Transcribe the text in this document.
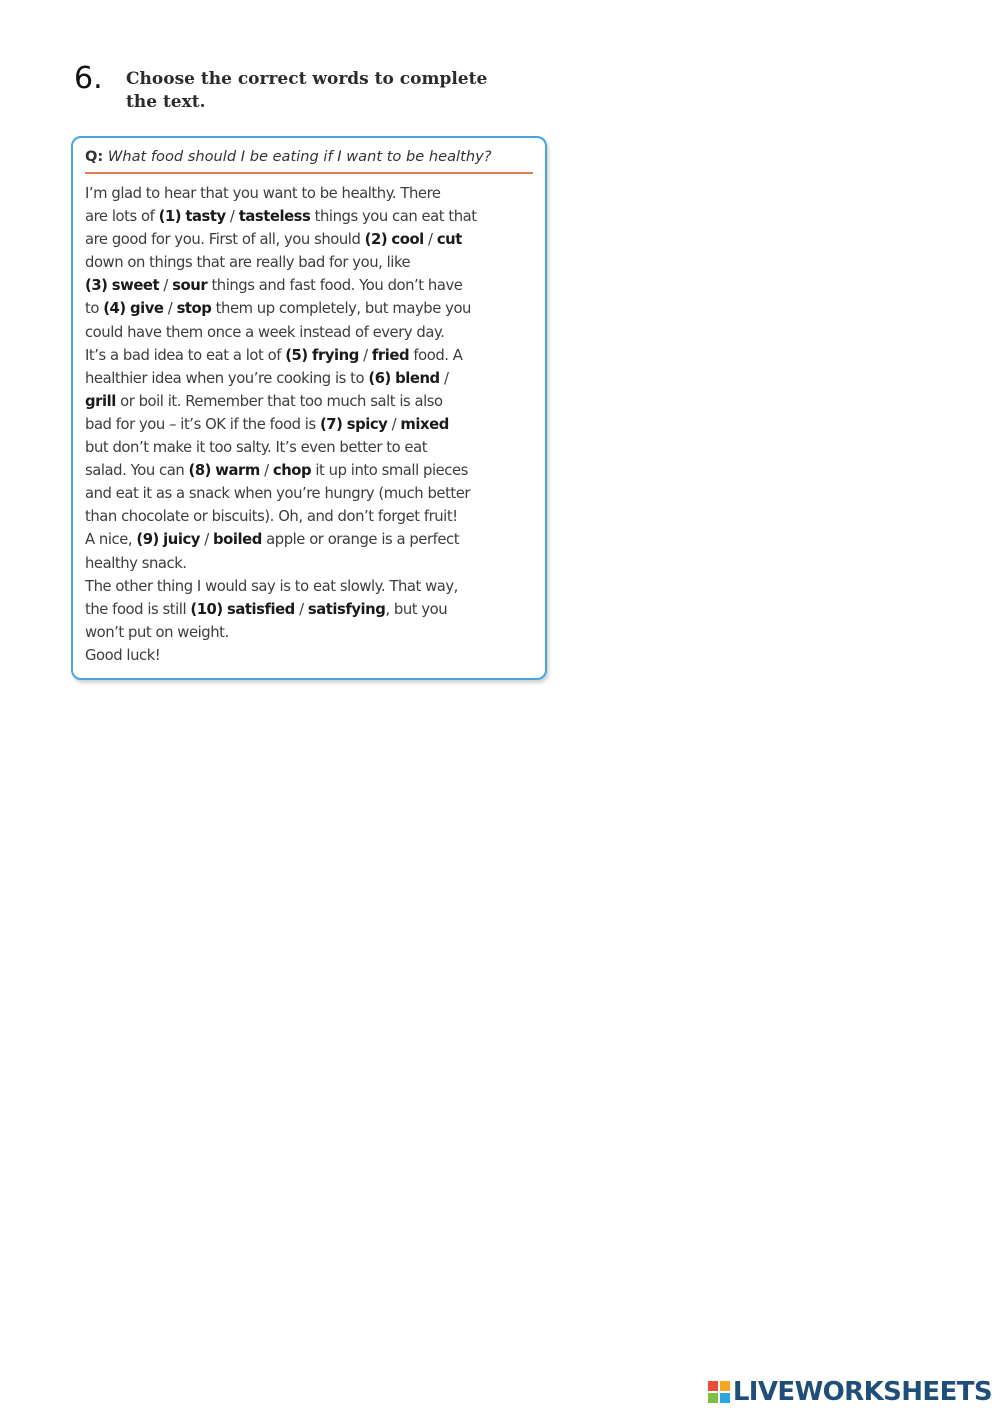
6. Choose the correct words to complete
the text.
Q: What food should I be eating if I want to be healthy?
I’m glad to hear that you want to be healthy. There
are lots of (1) tasty / tasteless things you can eat that
are good for you. First of all, you should (2) cool / cut
down on things that are really bad for you, like
(3) sweet / sour things and fast food. You don’t have
to (4) give / stop them up completely, but maybe you
could have them once a week instead of every day.
It’s a bad idea to eat a lot of (5) frying / fried food. A
healthier idea when you’re cooking is to (6) blend /
grill or boil it. Remember that too much salt is also
bad for you – it’s OK if the food is (7) spicy / mixed
but don’t make it too salty. It’s even better to eat
salad. You can (8) warm / chop it up into small pieces
and eat it as a snack when you’re hungry (much better
than chocolate or biscuits). Oh, and don’t forget fruit!
A nice, (9) juicy / boiled apple or orange is a perfect
healthy snack.
The other thing I would say is to eat slowly. That way,
the food is still (10) satisfied / satisfying, but you
won’t put on weight.
Good luck!
LIVEWORKSHEETS
